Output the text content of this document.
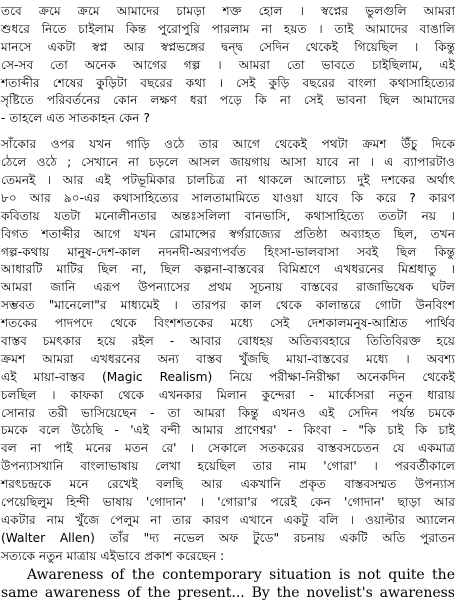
তবে ক্রমে ক্রমে আমাদের চামড়া শক্ত হোল । স্বপ্নের ভুলগুলি আমরা
শুধরে নিতে চাইলাম কিন্ত পুরোপুরি পারলাম না হয়ত । তাই আমাদের বাঙালি
মানসে একটা স্বপ্ন আর স্বপ্নভঙ্গের দ্বন্দ্ব সেদিন থেকেই গিয়েছিল । কিন্তু
সে-সব তো অনেক আগের গল্প । আমরা তো ভাবতে চাইছিলাম, এই
শতাব্দীর শেষের কুড়িটা বছরের কথা । সেই কুড়ি বছরের বাংলা কথাসাহিত্যের
সৃষ্টিতে পরিবর্তনের কোন লক্ষণ ধরা পড়ে কি না সেই ভাবনা ছিল আমাদের
- তাহলে এত সাতকাহন কেন ?
সাঁকোর ওপর যখন গাড়ি ওঠে তার আগে থেকেই পথটা ক্রমশ উঁচু দিকে
ঠেলে ওঠে ; সেখানে না চড়লে আসল জায়গায় আসা যাবে না । এ ব্যাপারটাও
তেমনই । আর এই পটভূমিকার চালচিত্র না থাকলে আলোচ্য দুই দশকের অর্থাৎ
৮০ আর ৯০-এর কথাসাহিত্যের সালতামামিতে যাওয়া যাবে কি করে ? কারণ
কবিতায় যতটা মনোলীনতার অন্তঃসলিলা বানভাসি, কথাসাহিত্যে ততটা নয় ।
বিগত শতাব্দীর আগে যখন রোমান্সের স্বর্গরাজ্যের প্রতিষ্ঠা অব্যাহত ছিল, তখন
গল্প-কথায় মানুষ-দেশ-কাল নদনদী-অরণ্যপর্বত হিংসা-ভালবাসা সবই ছিল কিন্তু
আধারটি মাটির ছিল না, ছিল কল্পনা-বাস্তবের বিমিশ্রণে এখধরনের মিশ্রধাতু ।
আমরা জানি এরূপ উপন্যাসের প্রথম সূচনায় বাস্তবের রাজাভিষেক ঘটল
সম্ভবত "মানেলো"র মাধ্যমেই । তারপর কাল থেকে কালান্তরে গোটা উনবিংশ
শতকের পাদপদে থেকে বিংশশতকের মধ্যে সেই দেশকালমনুষ-আশ্রিত পার্থিব
বাস্তব চমৎকার হয়ে রইল - আবার বোধহয় অতিব্যবহারে তিতিবিরক্ত হয়ে
ক্রমশ আমরা এখধরনের অন্য বাস্তব খুঁজছি মায়া-বাস্তবের মধ্যে । অবশ্য
এই মায়া-বাস্তব (Magic Realism) নিয়ে পরীক্ষা-নিরীক্ষা অনেকদিন থেকেই
চলছিল । কাফকা থেকে এখনকার মিলান কুন্দেরা - মার্কোসরা নতুন ধারায়
সোনার তরী ভাসিয়েছেন - তা আমরা কিন্তু এখনও এই সেদিন পর্যন্ত চমকে
চমকে বলে উঠেছি - 'এই বন্দী আমার প্রাণেশ্বর' - কিংবা - "কি চাই কি চাই
বল না পাই মনের মতন রে' । সেকালে সতকরের বাস্তবসচেতন যে একমাত্র
উপন্যাসখানি বাংলাভাষায় লেখা হয়েছিল তার নাম 'গোরা' । পরবর্তীকালে
শরৎচন্দ্রকে মনে রেখেই বলছি আর একখানি প্রকৃত বাস্তবসম্মত উপন্যাস
পেয়েছিলুম হিন্দী ভাষায় 'গোদান' । 'গোরা'র পরেই কেন 'গোদান' ছাড়া আর
একটার নাম খুঁজে পেলুম না তার কারণ এখানে একটু বলি । ওয়াল্টার অ্যালেন
(Walter Allen) তাঁর "দ্য নভেল অফ টুডে" রচনায় একটি অতি পুরাতন
সত্যকে নতুন মাত্রায় এইভাবে প্রকাশ করেছেন :
Awareness of the contemporary situation is not quite the
same awareness of the present... By the novelist's awareness
